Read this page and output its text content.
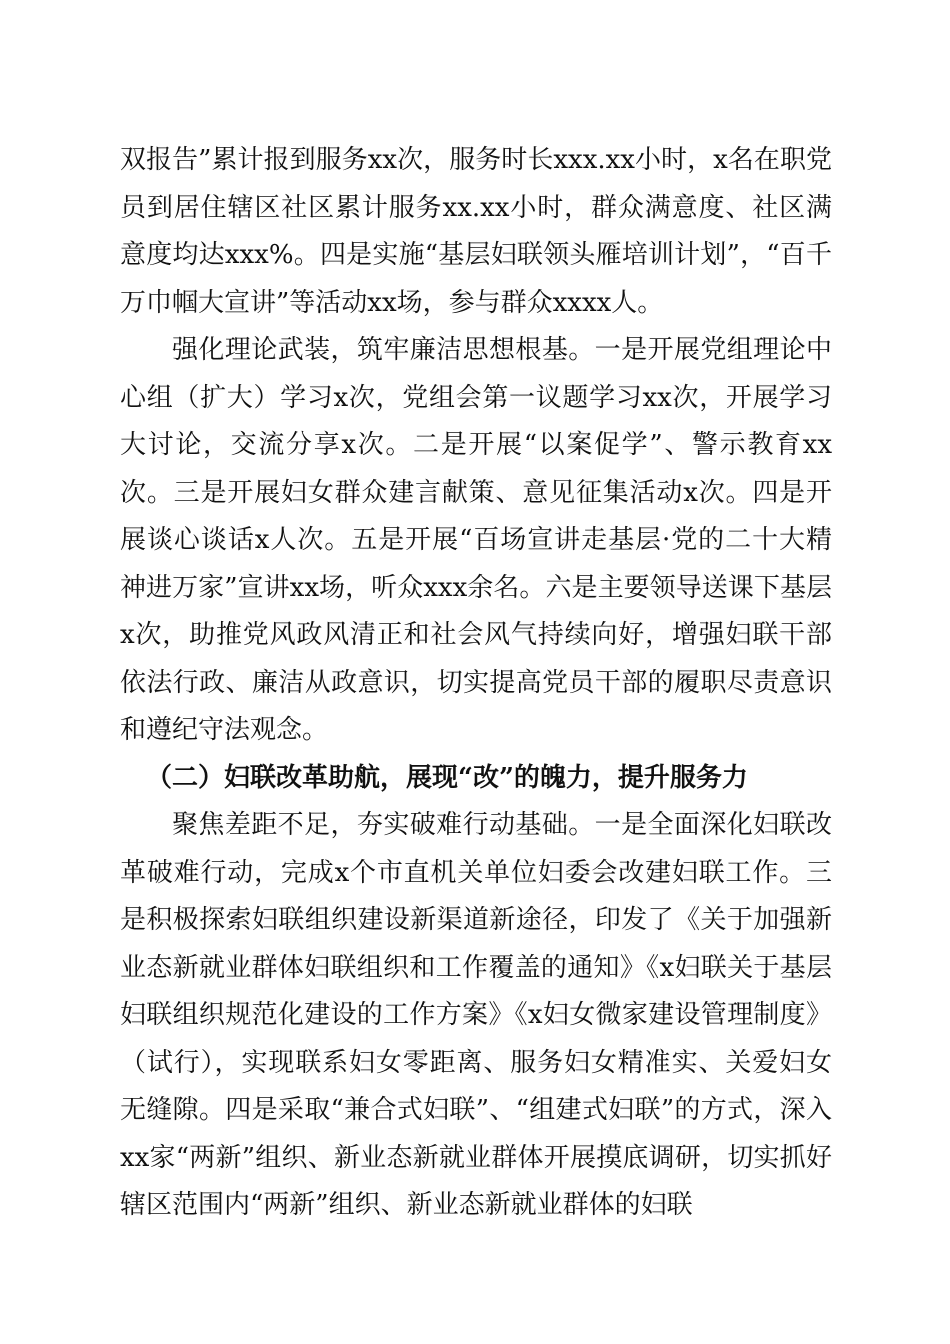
双报告”累计报到服务xx次，服务时长xxx.xx小时，x名在职党员到居住辖区社区累计服务xx.xx小时，群众满意度、社区满意度均达xxx%。四是实施“基层妇联领头雁培训计划”，“百千万巾帼大宣讲”等活动xx场，参与群众xxxx人。

强化理论武装，筑牢廉洁思想根基。一是开展党组理论中心组（扩大）学习x次，党组会第一议题学习xx次，开展学习大讨论，交流分享x次。二是开展“以案促学”、警示教育xx次。三是开展妇女群众建言献策、意见征集活动x次。四是开展谈心谈话x人次。五是开展“百场宣讲走基层·党的二十大精神进万家”宣讲xx场，听众xxx余名。六是主要领导送课下基层x次，助推党风政风清正和社会风气持续向好，增强妇联干部依法行政、廉洁从政意识，切实提高党员干部的履职尽责意识和遵纪守法观念。

（二）妇联改革助航，展现“改”的魄力，提升服务力

聚焦差距不足，夯实破难行动基础。一是全面深化妇联改革破难行动，完成x个市直机关单位妇委会改建妇联工作。三是积极探索妇联组织建设新渠道新途径，印发了《关于加强新业态新就业群体妇联组织和工作覆盖的通知》《x妇联关于基层妇联组织规范化建设的工作方案》《x妇女微家建设管理制度》（试行），实现联系妇女零距离、服务妇女精准实、关爱妇女无缝隙。四是采取“兼合式妇联”、“组建式妇联”的方式，深入xx家“两新”组织、新业态新就业群体开展摸底调研，切实抓好辖区范围内“两新”组织、新业态新就业群体的妇联
